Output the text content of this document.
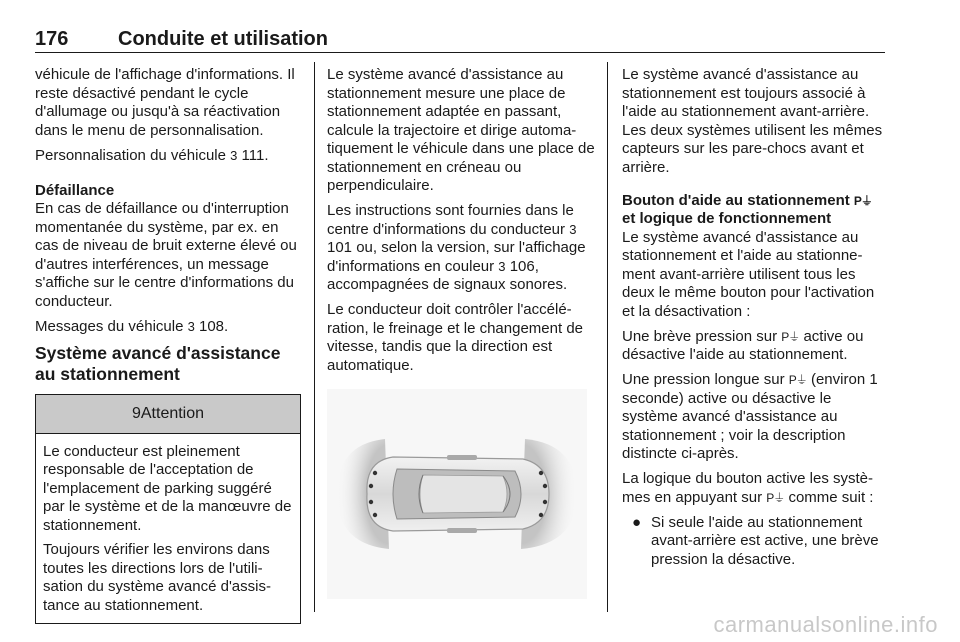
176 Conduite et utilisation

véhicule de l'affichage d'informations. Il reste désactivé pendant le cycle d'allumage ou jusqu'à sa réactivation dans le menu de personnalisation.

Personnalisation du véhicule 3 111.

Défaillance

En cas de défaillance ou d'interruption momentanée du système, par ex. en cas de niveau de bruit externe élevé ou d'autres interférences, un message s'affiche sur le centre d'informations du conducteur.

Messages du véhicule 3 108.

Système avancé d'assistance au stationnement

9Attention

Le conducteur est pleinement responsable de l'acceptation de l'emplacement de parking suggéré par le système et de la manœuvre de stationnement.

Toujours vérifier les environs dans toutes les directions lors de l'utilisation du système avancé d'assistance au stationnement.

Le système avancé d'assistance au stationnement mesure une place de stationnement adaptée en passant, calcule la trajectoire et dirige automatiquement le véhicule dans une place de stationnement en créneau ou perpendiculaire.

Les instructions sont fournies dans le centre d'informations du conducteur 3 101 ou, selon la version, sur l'affichage d'informations en couleur 3 106, accompagnées de signaux sonores.

Le conducteur doit contrôler l'accélération, le freinage et le changement de vitesse, tandis que la direction est automatique.

Le système avancé d'assistance au stationnement est toujours associé à l'aide au stationnement avant-arrière. Les deux systèmes utilisent les mêmes capteurs sur les pare-chocs avant et arrière.

Bouton d'aide au stationnement P⏚

et logique de fonctionnement

Le système avancé d'assistance au stationnement et l'aide au stationnement avant-arrière utilisent tous les deux le même bouton pour l'activation et la désactivation :

Une brève pression sur P⏚ active ou désactive l'aide au stationnement.

Une pression longue sur P⏚ (environ 1 seconde) active ou désactive le système avancé d'assistance au stationnement ; voir la description distincte ci-après.

La logique du bouton active les systèmes en appuyant sur P⏚ comme suit :

● Si seule l'aide au stationnement avant-arrière est active, une brève pression la désactive.
carmanualsonline.info
